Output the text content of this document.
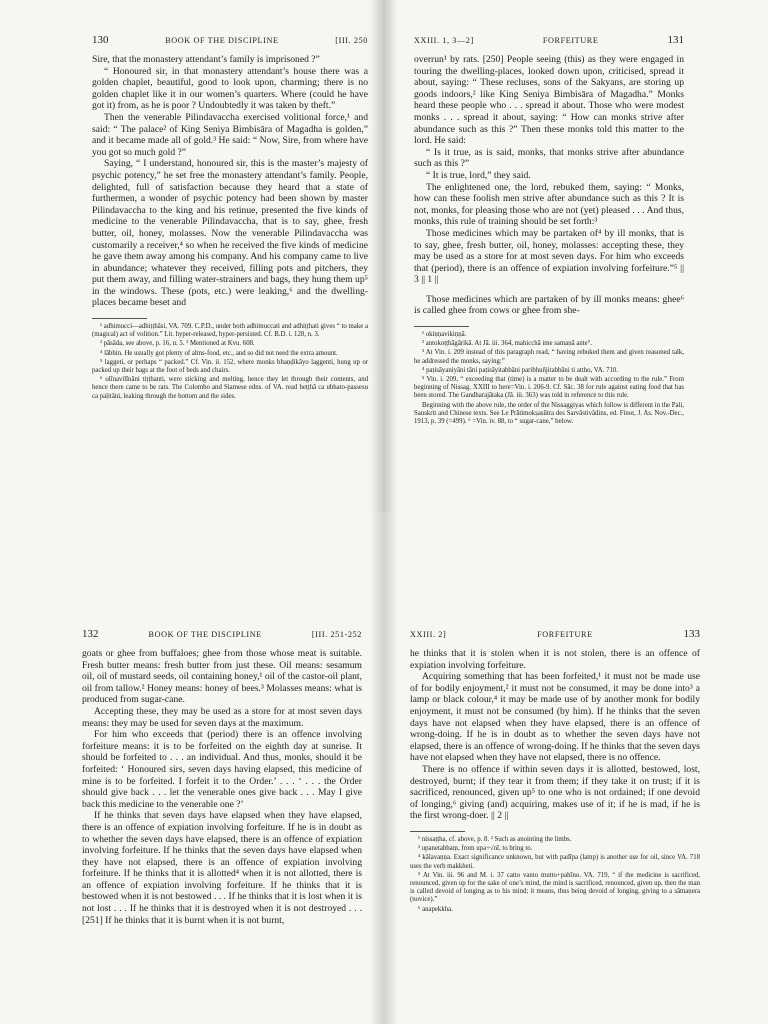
130	BOOK OF THE DISCIPLINE	[III. 250

Sire, that the monastery attendant’s family is imprisoned ?”

“ Honoured sir, in that monastery attendant’s house there was a golden chaplet, beautiful, good to look upon, charming; there is no golden chaplet like it in our women’s quarters. Where (could he have got it) from, as he is poor ? Undoubtedly it was taken by theft.”

Then the venerable Pilindavaccha exercised volitional force,¹ and said: “ The palace² of King Seniya Bimbisāra of Magadha is golden,” and it became made all of gold.³ He said: “ Now, Sire, from where have you got so much gold ?”

Saying, “ I understand, honoured sir, this is the master’s majesty of psychic potency,” he set free the monastery attendant’s family. People, delighted, full of satisfaction because they heard that a state of furthermen, a wonder of psychic potency had been shown by master Pilindavaccha to the king and his retinue, presented the five kinds of medicine to the venerable Pilindavaccha, that is to say, ghee, fresh butter, oil, honey, molasses. Now the venerable Pilindavaccha was customarily a receiver,⁴ so when he received the five kinds of medicine he gave them away among his company. And his company came to live in abundance; whatever they received, filling pots and pitchers, they put them away, and filling water-strainers and bags, they hung them up⁵ in the windows. These (pots, etc.) were leaking,⁶ and the dwelling-places became beset and

¹ adhimucci—adhiṭṭhāsi, VA. 709. C.P.D., under both adhimuccati and adhiṭṭhati gives “ to make a (magical) act of volition.” Lit. hyper-released, hyper-persisted. Cf. B.D. i. 128, n. 3.

² pāsāda, see above, p. 16, n. 5. ³ Mentioned at Kvu. 608.

⁴ lābhin. He usually got plenty of alms-food, etc., and so did not need the extra amount.

⁵ laggeti, or perhaps “ packed.” Cf. Vin. ii. 152, where monks bhaṇḍikāyo laggenti, hung up or packed up their bags at the foot of beds and chairs.

⁶ olīnavilīnāni tiṭṭhanti, were sticking and melting, hence they let through their contents, and hence there came to be rats. The Colombo and Siamese edns. of VA. read heṭṭhā ca ubhato-passesu ca paḷitāni, leaking through the bottom and the sides.

XXIII. 1, 3—2]	FORFEITURE	131

overrun¹ by rats. [250] People seeing (this) as they were engaged in touring the dwelling-places, looked down upon, criticised, spread it about, saying: “ These recluses, sons of the Sakyans, are storing up goods indoors,² like King Seniya Bimbisāra of Magadha.” Monks heard these people who . . . spread it about. Those who were modest monks . . . spread it about, saying: “ How can monks strive after abundance such as this ?” Then these monks told this matter to the lord. He said:

“ Is it true, as is said, monks, that monks strive after abundance such as this ?”

“ It is true, lord,” they said.

The enlightened one, the lord, rebuked them, saying: “ Monks, how can these foolish men strive after abundance such as this ? It is not, monks, for pleasing those who are not (yet) pleased . . . And thus, monks, this rule of training should be set forth:³

Those medicines which may be partaken of⁴ by ill monks, that is to say, ghee, fresh butter, oil, honey, molasses: accepting these, they may be used as a store for at most seven days. For him who exceeds that (period), there is an offence of expiation involving forfeiture.”⁵ || 3 || 1 ||

Those medicines which are partaken of by ill monks means: ghee⁶ is called ghee from cows or ghee from she-

¹ okiṇṇavikiṇṇā.

² antokoṭṭhāgārikā. At Jā. iii. 364, mahicchā ime samaṇā ante°.

³ At Vin. i. 209 instead of this paragraph read, “ having rebuked them and given reasoned talk, he addressed the monks, saying:”

⁴ paṭisāyaniyāni tāni paṭisāyitabbāni paribhuñjitabbāni ti attho, VA. 710.

⁵ Vin. i. 209, “ exceeding that (time) is a matter to be dealt with according to the rule.” From beginning of Nissag. XXIII to here=Vin. i. 206-9. Cf. Sāc. 38 for rule against eating food that has been stored. The Gandharajātaka (Jā. iii. 363) was told in reference to this rule.

Beginning with the above rule, the order of the Nissaggiyas which follow is different in the Pali, Sanskrit and Chinese texts. See Le Prātimokṣasūtra des Sarvāstivādins, ed. Finot, J. As. Nov.-Dec., 1913, p. 39 (=499). ⁶ =Vin. iv. 88, to “ sugar-cane,” below.

132	BOOK OF THE DISCIPLINE	[III. 251-252

goats or ghee from buffaloes; ghee from those whose meat is suitable. Fresh butter means: fresh butter from just these. Oil means: sesamum oil, oil of mustard seeds, oil containing honey,¹ oil of the castor-oil plant, oil from tallow.² Honey means: honey of bees.³ Molasses means: what is produced from sugar-cane.

Accepting these, they may be used as a store for at most seven days means: they may be used for seven days at the maximum.

For him who exceeds that (period) there is an offence involving forfeiture means: it is to be forfeited on the eighth day at sunrise. It should be forfeited to . . . an individual. And thus, monks, should it be forfeited: ‘ Honoured sirs, seven days having elapsed, this medicine of mine is to be forfeited. I forfeit it to the Order.’ . . . ‘ . . . the Order should give back . . . let the venerable ones give back . . . May I give back this medicine to the venerable one ?’

If he thinks that seven days have elapsed when they have elapsed, there is an offence of expiation involving forfeiture. If he is in doubt as to whether the seven days have elapsed, there is an offence of expiation involving forfeiture. If he thinks that the seven days have elapsed when they have not elapsed, there is an offence of expiation involving forfeiture. If he thinks that it is allotted⁴ when it is not allotted, there is an offence of expiation involving forfeiture. If he thinks that it is bestowed when it is not bestowed . . . If he thinks that it is lost when it is not lost . . . If he thinks that it is destroyed when it is not destroyed . . . [251] If he thinks that it is burnt when it is not burnt,

XXIII. 2]	FORFEITURE	133

he thinks that it is stolen when it is not stolen, there is an offence of expiation involving forfeiture.

Acquiring something that has been forfeited,¹ it must not be made use of for bodily enjoyment,² it must not be consumed, it may be done into³ a lamp or black colour,⁴ it may be made use of by another monk for bodily enjoyment, it must not be consumed (by him). If he thinks that the seven days have not elapsed when they have elapsed, there is an offence of wrong-doing. If he is in doubt as to whether the seven days have not elapsed, there is an offence of wrong-doing. If he thinks that the seven days have not elapsed when they have not elapsed, there is no offence.

There is no offence if within seven days it is allotted, bestowed, lost, destroyed, burnt; if they tear it from them; if they take it on trust; if it is sacrificed, renounced, given up⁵ to one who is not ordained; if one devoid of longing,⁶ giving (and) acquiring, makes use of it; if he is mad, if he is the first wrong-doer. || 2 ||

¹ nissaṭṭha, cf. above, p. 8. ² Such as anointing the limbs.

³ upanetabbaṃ, from upa+√nī, to bring to.

⁴ kālavaṇṇa. Exact significance unknown, but with padīpa (lamp) is another use for oil, since VA. 718 uses the verb makkheti.

⁵ At Vin. iii. 96 and M. i. 37 catto vanto mutto+pahīno. VA. 719, “ if the medicine is sacrificed, renounced, given up for the sake of one’s mind, the mind is sacrificed, renounced, given up, then the man is called devoid of longing as to his mind; it means, thus being devoid of longing, giving to a sāmaṇera (novice).”

⁶ anapekkha.
